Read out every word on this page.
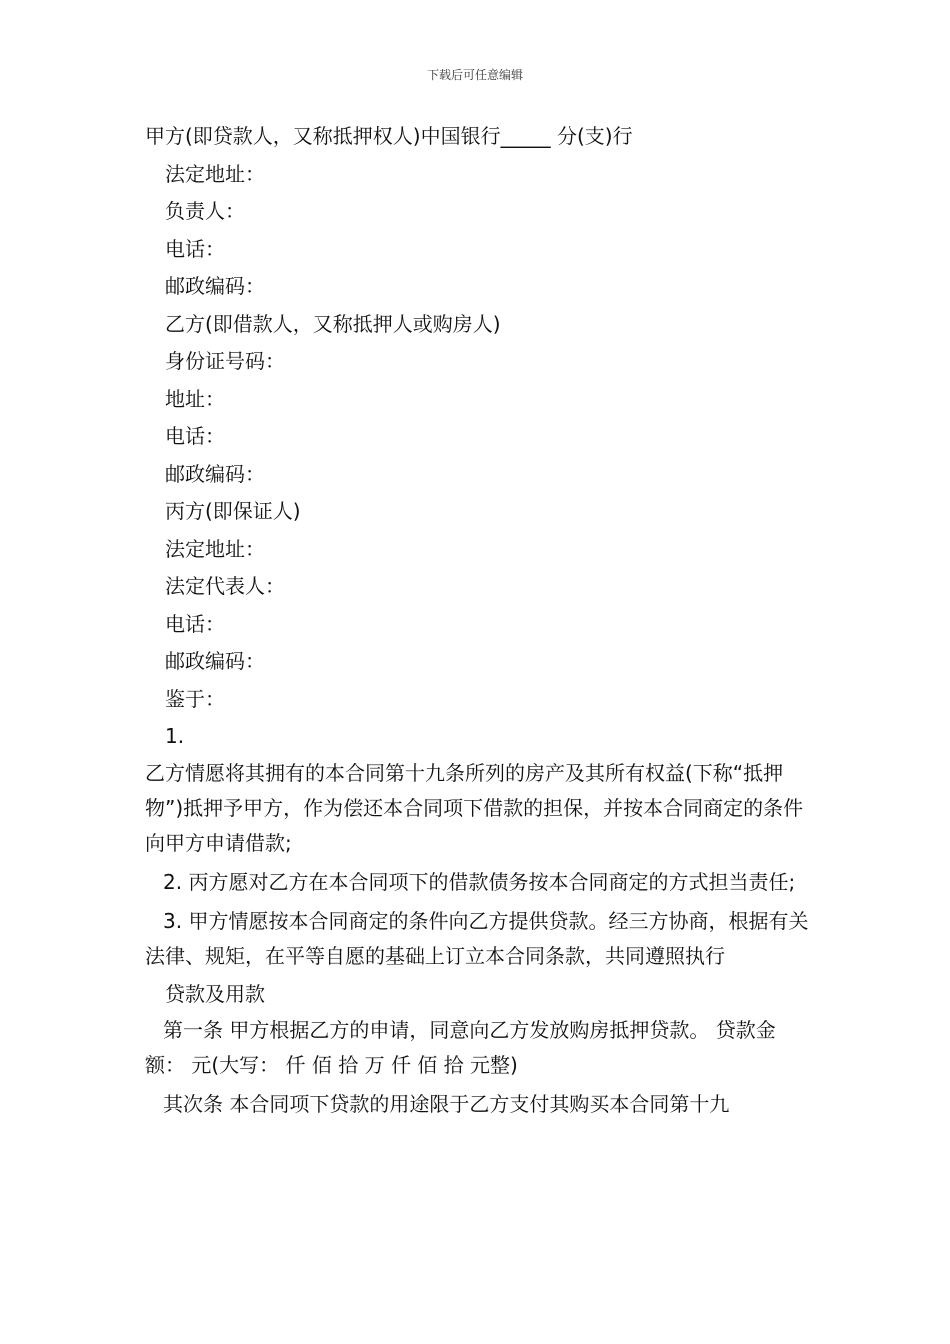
下载后可任意编辑
甲方(即贷款人，又称抵押权人)中国银行_____ 分(支)行
法定地址：
负责人：
电话：
邮政编码：
乙方(即借款人，又称抵押人或购房人)
身份证号码：
地址：
电话：
邮政编码：
丙方(即保证人)
法定地址：
法定代表人：
电话：
邮政编码：
鉴于：
1.
乙方情愿将其拥有的本合同第十九条所列的房产及其所有权益(下称“抵押物”)抵押予甲方，作为偿还本合同项下借款的担保，并按本合同商定的条件向甲方申请借款;
2. 丙方愿对乙方在本合同项下的借款债务按本合同商定的方式担当责任;
3. 甲方情愿按本合同商定的条件向乙方提供贷款。经三方协商，根据有关法律、规矩，在平等自愿的基础上订立本合同条款，共同遵照执行
贷款及用款
第一条 甲方根据乙方的申请，同意向乙方发放购房抵押贷款。 贷款金额： 元(大写： 仟 佰 拾 万 仟 佰 拾 元整)
其次条 本合同项下贷款的用途限于乙方支付其购买本合同第十九
